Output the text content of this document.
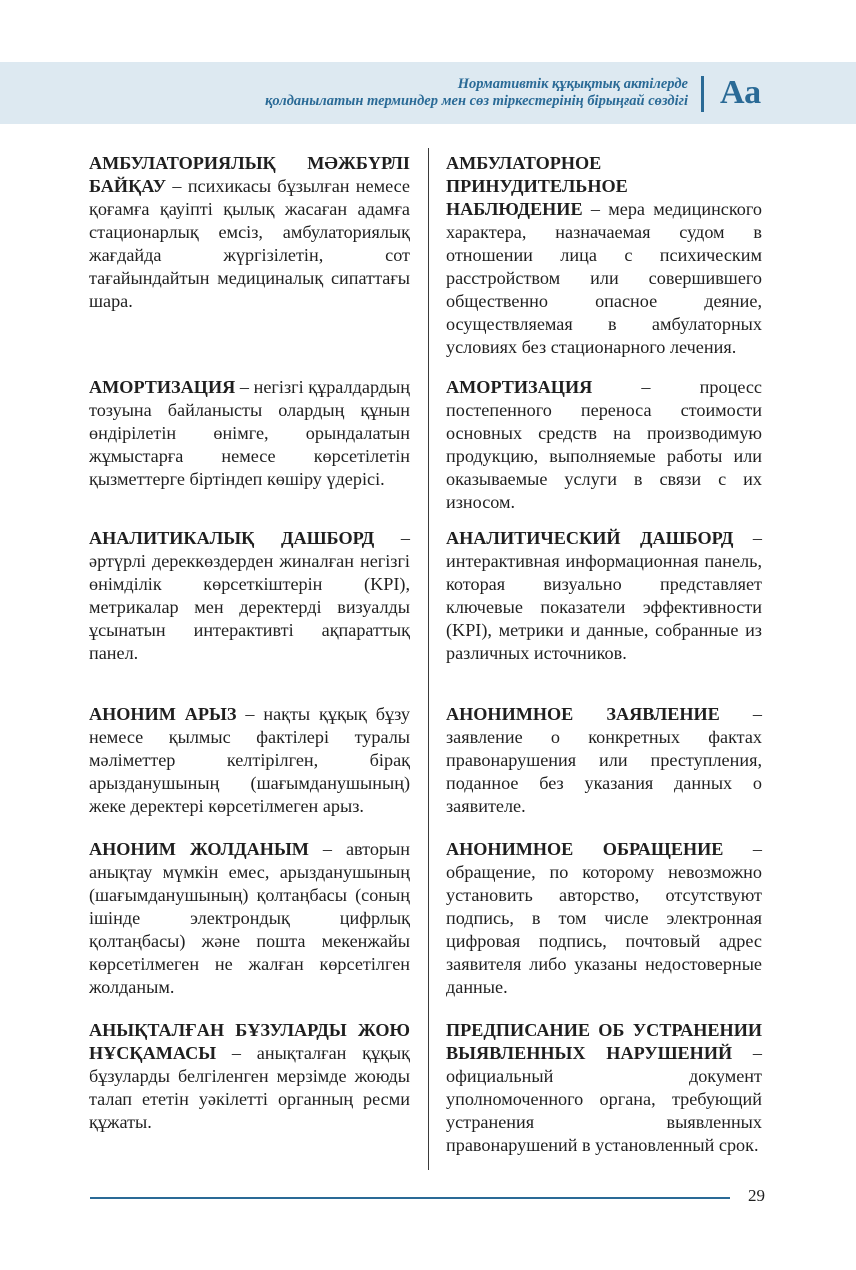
Нормативтік құқықтық актілерде
қолданылатын терминдер мен сөз тіркестерінің бірыңғай сөздігі Аа

АМБУЛАТОРИЯЛЫҚ МӘЖБҮРЛІ БАЙҚАУ – психикасы бұзылған немесе қоғамға қауіпті қылық жасаған адамға стационарлық емсіз, амбулаториялық жағдайда жүргізілетін, сот тағайындайтын медициналық сипаттағы шара.

АМБУЛАТОРНОЕ ПРИНУДИТЕЛЬНОЕ НАБЛЮДЕНИЕ – мера медицинского характера, назначаемая судом в отношении лица с психическим расстройством или совершившего общественно опасное деяние, осуществляемая в амбулаторных условиях без стационарного лечения.

АМОРТИЗАЦИЯ – негізгі құралдардың тозуына байланысты олардың құнын өндірілетін өнімге, орындалатын жұмыстарға немесе көрсетілетін қызметтерге біртіндеп көшіру үдерісі.

АМОРТИЗАЦИЯ – процесс постепенного переноса стоимости основных средств на производимую продукцию, выполняемые работы или оказываемые услуги в связи с их износом.

АНАЛИТИКАЛЫҚ ДАШБОРД – әртүрлі дереккөздерден жиналған негізгі өнімділік көрсеткіштерін (KPI), метрикалар мен деректерді визуалды ұсынатын интерактивті ақпараттық панел.

АНАЛИТИЧЕСКИЙ ДАШБОРД – интерактивная информационная панель, которая визуально представляет ключевые показатели эффективности (KPI), метрики и данные, собранные из различных источников.

АНОНИМ АРЫЗ – нақты құқық бұзу немесе қылмыс фактілері туралы мәліметтер келтірілген, бірақ арызданушының (шағымданушының) жеке деректері көрсетілмеген арыз.

АНОНИМНОЕ ЗАЯВЛЕНИЕ – заявление о конкретных фактах правонарушения или преступления, поданное без указания данных о заявителе.

АНОНИМ ЖОЛДАНЫМ – авторын анықтау мүмкін емес, арызданушының (шағымданушының) қолтаңбасы (соның ішінде электрондық цифрлық қолтаңбасы) және пошта мекенжайы көрсетілмеген не жалған көрсетілген жолданым.

АНОНИМНОЕ ОБРАЩЕНИЕ – обращение, по которому невозможно установить авторство, отсутствуют подпись, в том числе электронная цифровая подпись, почтовый адрес заявителя либо указаны недостоверные данные.

АНЫҚТАЛҒАН БҰЗУЛАРДЫ ЖОЮ НҰСҚАМАСЫ – анықталған құқық бұзуларды белгіленген мерзімде жоюды талап ететін уәкілетті органның ресми құжаты.

ПРЕДПИСАНИЕ ОБ УСТРАНЕНИИ ВЫЯВЛЕННЫХ НАРУШЕНИЙ – официальный документ уполномоченного органа, требующий устранения выявленных правонарушений в установленный срок.

29
